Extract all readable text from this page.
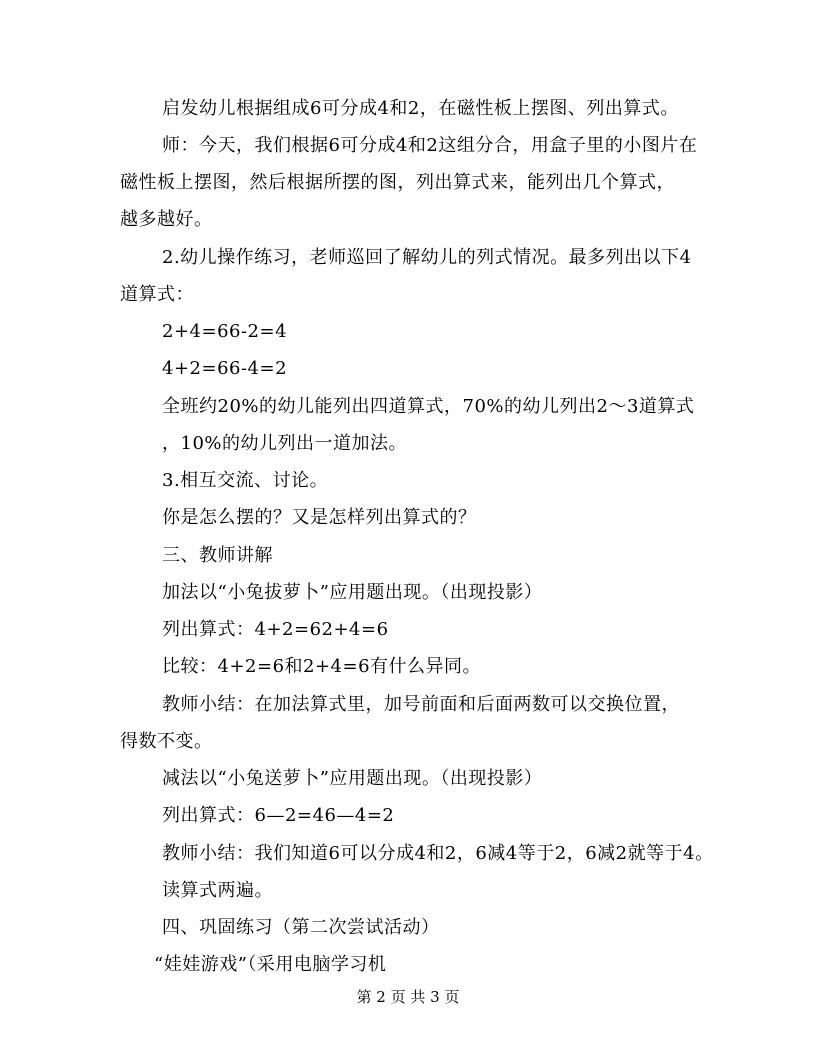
启发幼儿根据组成6可分成4和2，在磁性板上摆图、列出算式。
师：今天，我们根据6可分成4和2这组分合，用盒子里的小图片在
磁性板上摆图，然后根据所摆的图，列出算式来，能列出几个算式，
越多越好。
2.幼儿操作练习，老师巡回了解幼儿的列式情况。最多列出以下4
道算式：
2+4=66-2=4
4+2=66-4=2
全班约20%的幼儿能列出四道算式，70%的幼儿列出2～3道算式
，10%的幼儿列出一道加法。
3.相互交流、讨论。
你是怎么摆的？又是怎样列出算式的？
三、教师讲解
加法以“小兔拔萝卜”应用题出现。（出现投影）
列出算式：4+2=62+4=6
比较：4+2=6和2+4=6有什么异同。
教师小结：在加法算式里，加号前面和后面两数可以交换位置，
得数不变。
减法以“小兔送萝卜”应用题出现。（出现投影）
列出算式：6—2=46—4=2
教师小结：我们知道6可以分成4和2，6减4等于2，6减2就等于4。
读算式两遍。
四、巩固练习（第二次尝试活动）
“娃娃游戏”（采用电脑学习机
第 2 页 共 3 页
